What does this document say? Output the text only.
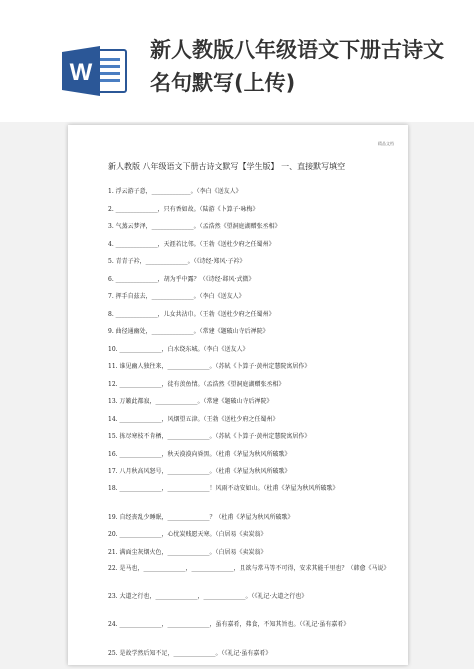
W
新人教版八年级语文下册古诗文名句默写(上传)
精品文档
新人教版 八年级语文下册古诗文默写【学生版】 一、直接默写填空
1. 浮云游子意，_____________。（李白《送友人》
2. ______________，只有香如故。（陆游《卜算子·咏梅》
3. 气蒸云梦泽，______________。（孟浩然《望洞庭湖赠张丞相》
4. ______________，天涯若比邻。（王勃《送杜少府之任蜀州》
5. 青青子衿，______________。（《诗经·郑风·子衿》
6. ______________，胡为乎中露？（《诗经·邶风·式微》
7. 挥手自兹去，______________。（李白《送友人》
8. ______________，儿女共沾巾。（王勃《送杜少府之任蜀州》
9. 曲径通幽处，______________。（常建《题破山寺后禅院》
10. ______________，白水绕东城。（李白《送友人》
11. 谁见幽人独往来，______________。（苏轼《卜算子·黄州定慧院寓居作》
12. ______________，徒有羡鱼情。（孟浩然《望洞庭湖赠张丞相》
13. 万籁此都寂，______________。（常建《题破山寺后禅院》
14. ______________，风烟望五津。（王勃《送杜少府之任蜀州》
15. 拣尽寒枝不肯栖，______________。（苏轼《卜算子·黄州定慧院寓居作》
16. ______________，秋天漠漠向昏黑。（杜甫《茅屋为秋风所破歌》
17. 八月秋高风怒号，______________。（杜甫《茅屋为秋风所破歌》
18. ______________，______________！风雨不动安如山。（杜甫《茅屋为秋风所破歌》
19. 自经丧乱少睡眠，______________？（杜甫《茅屋为秋风所破歌》
20. ______________，心忧炭贱愿天寒。（白居易《卖炭翁》
21. 满面尘灰烟火色，______________。（白居易《卖炭翁》
22. 是马也，______________，______________，且欲与常马等不可得，安求其能千里也？（韩愈《马说》
23. 大道之行也，______________，______________。（《礼记·大道之行也》
24. ______________，______________，虽有嘉肴，弗食，不知其旨也。（《礼记·虽有嘉肴》
25. 是故学然后知不足，______________。（《礼记·虽有嘉肴》
